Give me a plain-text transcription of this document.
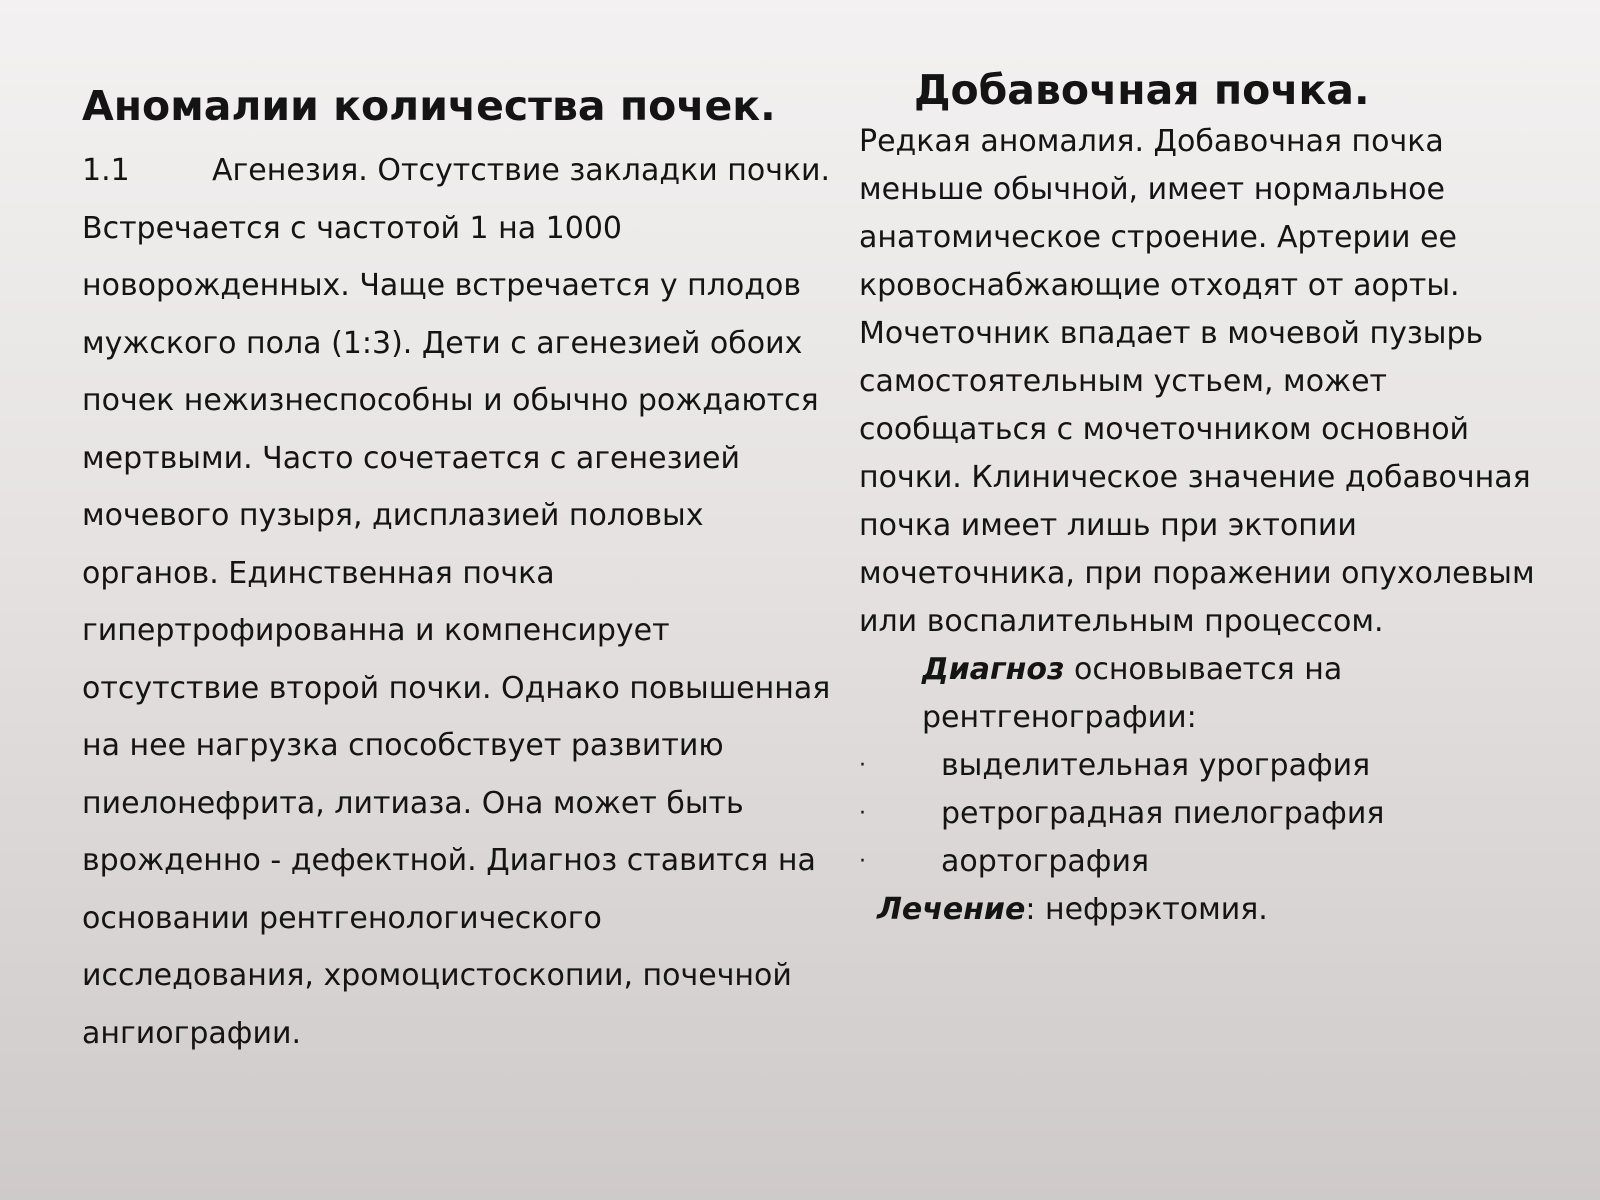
Аномалии количества почек.

1.1	Агенезия. Отсутствие закладки почки. Встречается с частотой 1 на 1000 новорожденных. Чаще встречается у плодов мужского пола (1:3). Дети с агенезией обоих почек нежизнеспособны и обычно рождаются мертвыми. Часто сочетается с агенезией мочевого пузыря, дисплазией половых органов. Единственная почка гипертрофированна и компенсирует отсутствие второй почки. Однако повышенная на нее нагрузка способствует развитию пиелонефрита, литиаза. Она может быть врожденно - дефектной. Диагноз ставится на основании рентгенологического исследования, хромоцистоскопии, почечной ангиографии.

Добавочная почка.

Редкая аномалия. Добавочная почка меньше обычной, имеет нормальное анатомическое строение. Артерии ее кровоснабжающие отходят от аорты. Мочеточник впадает в мочевой пузырь самостоятельным устьем, может сообщаться с мочеточником основной почки. Клиническое значение добавочная почка имеет лишь при эктопии мочеточника, при поражении опухолевым или воспалительным процессом.

Диагноз основывается на рентгенографии:

·	выделительная урография
·	ретроградная пиелография
·	аортография

Лечение: нефрэктомия.
